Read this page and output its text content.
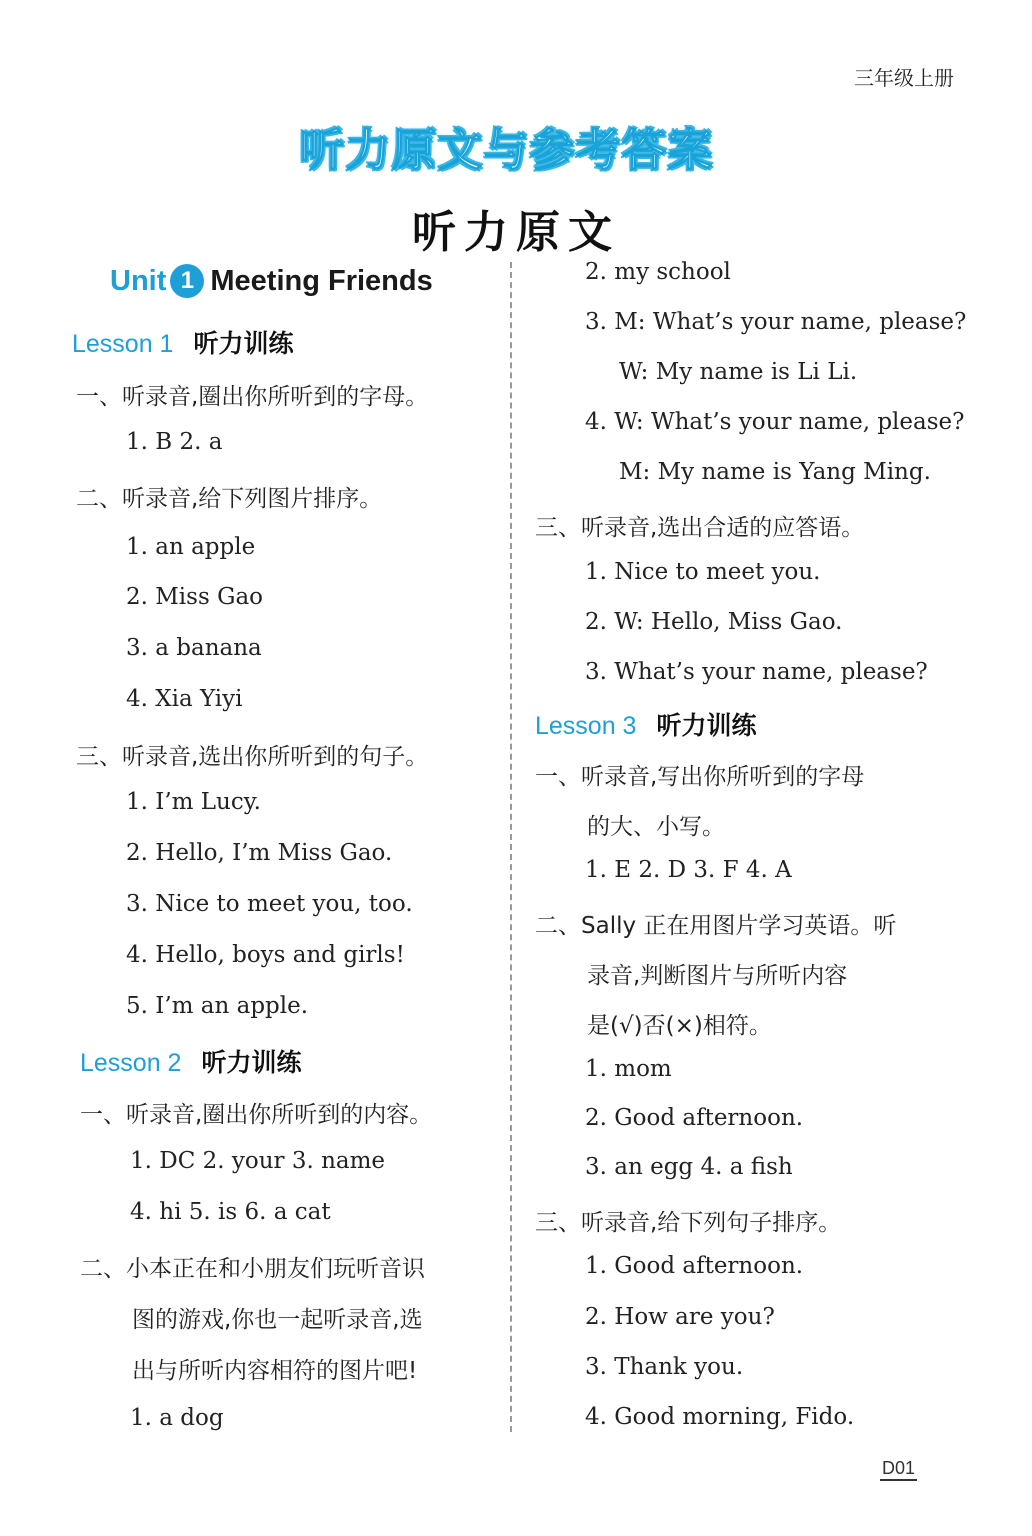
三年级上册
听力原文与参考答案
听力原文
Unit 1 Meeting Friends
Lesson 1 听力训练
一、听录音,圈出你所听到的字母。
1. B 2. a
二、听录音,给下列图片排序。
1. an apple
2. Miss Gao
3. a banana
4. Xia Yiyi
三、听录音,选出你所听到的句子。
1. I’m Lucy.
2. Hello, I’m Miss Gao.
3. Nice to meet you, too.
4. Hello, boys and girls!
5. I’m an apple.
Lesson 2 听力训练
一、听录音,圈出你所听到的内容。
1. DC 2. your 3. name
4. hi 5. is 6. a cat
二、小本正在和小朋友们玩听音识
图的游戏,你也一起听录音,选
出与所听内容相符的图片吧!
1. a dog
2. my school
3. M: What’s your name, please?
W: My name is Li Li.
4. W: What’s your name, please?
M: My name is Yang Ming.
三、听录音,选出合适的应答语。
1. Nice to meet you.
2. W: Hello, Miss Gao.
3. What’s your name, please?
Lesson 3 听力训练
一、听录音,写出你所听到的字母
的大、小写。
1. E 2. D 3. F 4. A
二、Sally 正在用图片学习英语。听
录音,判断图片与所听内容
是(√)否(×)相符。
1. mom
2. Good afternoon.
3. an egg 4. a fish
三、听录音,给下列句子排序。
1. Good afternoon.
2. How are you?
3. Thank you.
4. Good morning, Fido.
D01
